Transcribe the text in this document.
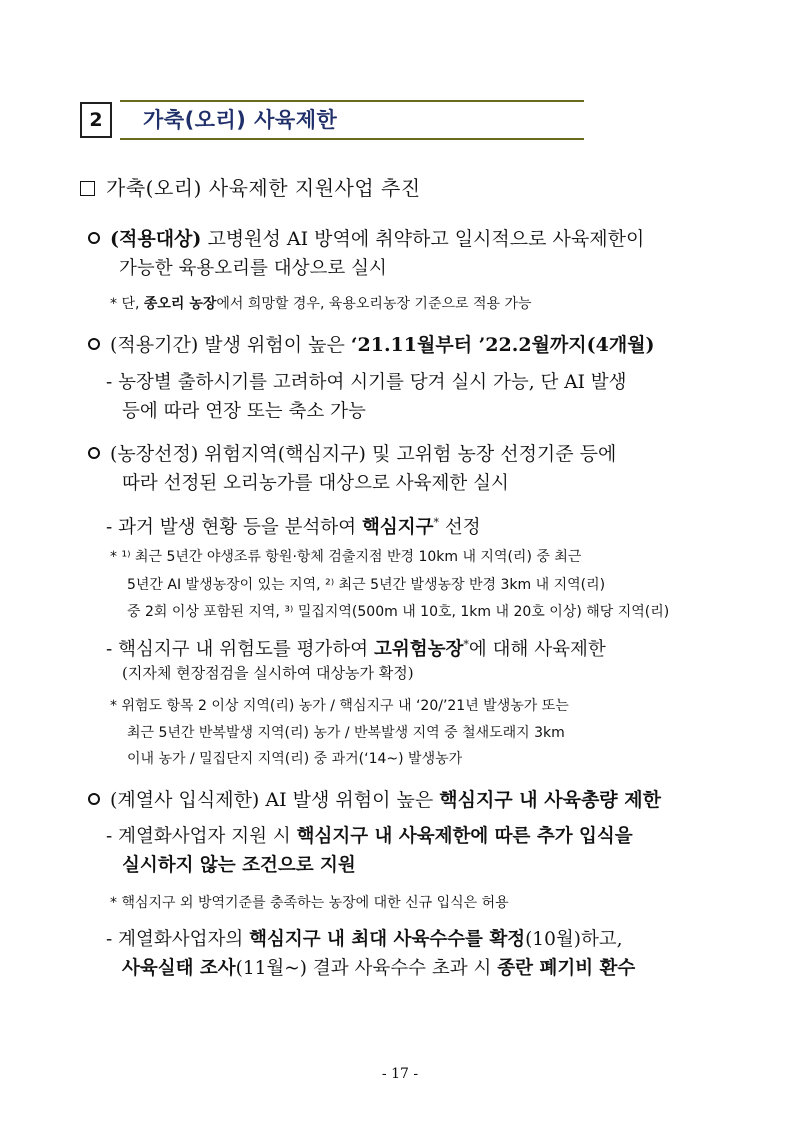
2 가축(오리) 사육제한
가축(오리) 사육제한 지원사업 추진
(적용대상) 고병원성 AI 방역에 취약하고 일시적으로 사육제한이
가능한 육용오리를 대상으로 실시
* 단, 종오리 농장에서 희망할 경우, 육용오리농장 기준으로 적용 가능
(적용기간) 발생 위험이 높은 ‘21.11월부터 ’22.2월까지(4개월)
- 농장별 출하시기를 고려하여 시기를 당겨 실시 가능, 단 AI 발생
등에 따라 연장 또는 축소 가능
(농장선정) 위험지역(핵심지구) 및 고위험 농장 선정기준 등에
따라 선정된 오리농가를 대상으로 사육제한 실시
- 과거 발생 현황 등을 분석하여 핵심지구* 선정
* ¹⁾ 최근 5년간 야생조류 항원·항체 검출지점 반경 10km 내 지역(리) 중 최근
5년간 AI 발생농장이 있는 지역, ²⁾ 최근 5년간 발생농장 반경 3km 내 지역(리)
중 2회 이상 포함된 지역, ³⁾ 밀집지역(500m 내 10호, 1km 내 20호 이상) 해당 지역(리)
- 핵심지구 내 위험도를 평가하여 고위험농장*에 대해 사육제한
(지자체 현장점검을 실시하여 대상농가 확정)
* 위험도 항목 2 이상 지역(리) 농가 / 핵심지구 내 ‘20/’21년 발생농가 또는
최근 5년간 반복발생 지역(리) 농가 / 반복발생 지역 중 철새도래지 3km
이내 농가 / 밀집단지 지역(리) 중 과거(‘14~) 발생농가
(계열사 입식제한) AI 발생 위험이 높은 핵심지구 내 사육총량 제한
- 계열화사업자 지원 시 핵심지구 내 사육제한에 따른 추가 입식을
실시하지 않는 조건으로 지원
* 핵심지구 외 방역기준를 충족하는 농장에 대한 신규 입식은 허용
- 계열화사업자의 핵심지구 내 최대 사육수수를 확정(10월)하고,
사육실태 조사(11월~) 결과 사육수수 초과 시 종란 폐기비 환수
- 17 -
